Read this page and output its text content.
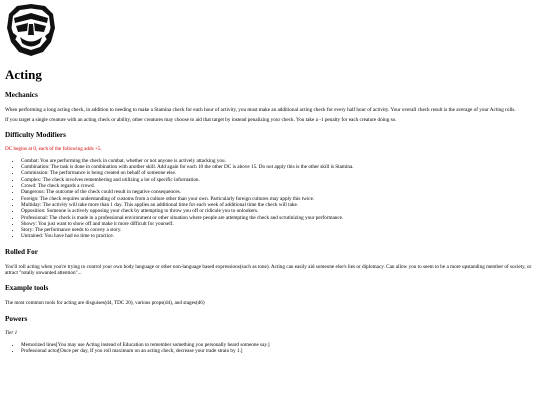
Acting
Mechanics

When performing a long acting check, in addition to needing to make a Stamina check for each hour of activity, you must make an additional acting check for every half hour of activity. Your overall check result is the average of your Acting rolls.

If you target a single creature with an acting check or ability, other creatures may choose to aid that target by instead penalizing your check. You take a -1 penalty for each creature doing so.

Difficulty Modifiers

DC begins at 0, each of the following adds +5.

• Combat: You are performing the check in combat, whether or not anyone is actively attacking you.
• Combination: The task is done in combination with another skill. Add again for each 10 the other DC is above 15. Do not apply this is the other skill is Stamina.
• Commission: The performance is being created on behalf of someone else.
• Complex: The check involves remembering and utilizing a lot of specific information.
• Crowd: The check regards a crowd.
• Dangerous: The outcome of the check could result in negative consequences.
• Foreign: The check requires understanding of customs from a culture other than your own. Particularly foreign cultures may apply this twice.
• Multiday: The activity will take more than 1 day. This applies an additional time for each week of additional time the check will take.
• Opposition: Someone is actively opposing your check by attempting to throw you off or ridicule you to onlookers.
• Professional: The check is made in a professional environment or other situation where people are attempting the check and scrutinizing your performance.
• Showy: You just want to show off and make it more difficult for yourself.
• Story: The performance needs to convey a story.
• Untrained: You have had no time to practice.
Rolled For

You'll roll acting when you're trying to control your own body language or other non-language based expressions(such as tone). Acting can easily aid someone else's lies or diplomacy. Can allow you to seem to be a more upstanding member of society, or attract "totally unwanted attention"...

Example tools

The most common tools for acting are disguises(d4, TDC 20), various props(d4), and stages(d6)

Powers

Tier 1

• Memorized lines[You may use Acting instead of Education to remember something you personally heard someone say.]
• Professional actor[Once per day, If you roll maximum on an acting check, decrease your trade strain by 1.]
